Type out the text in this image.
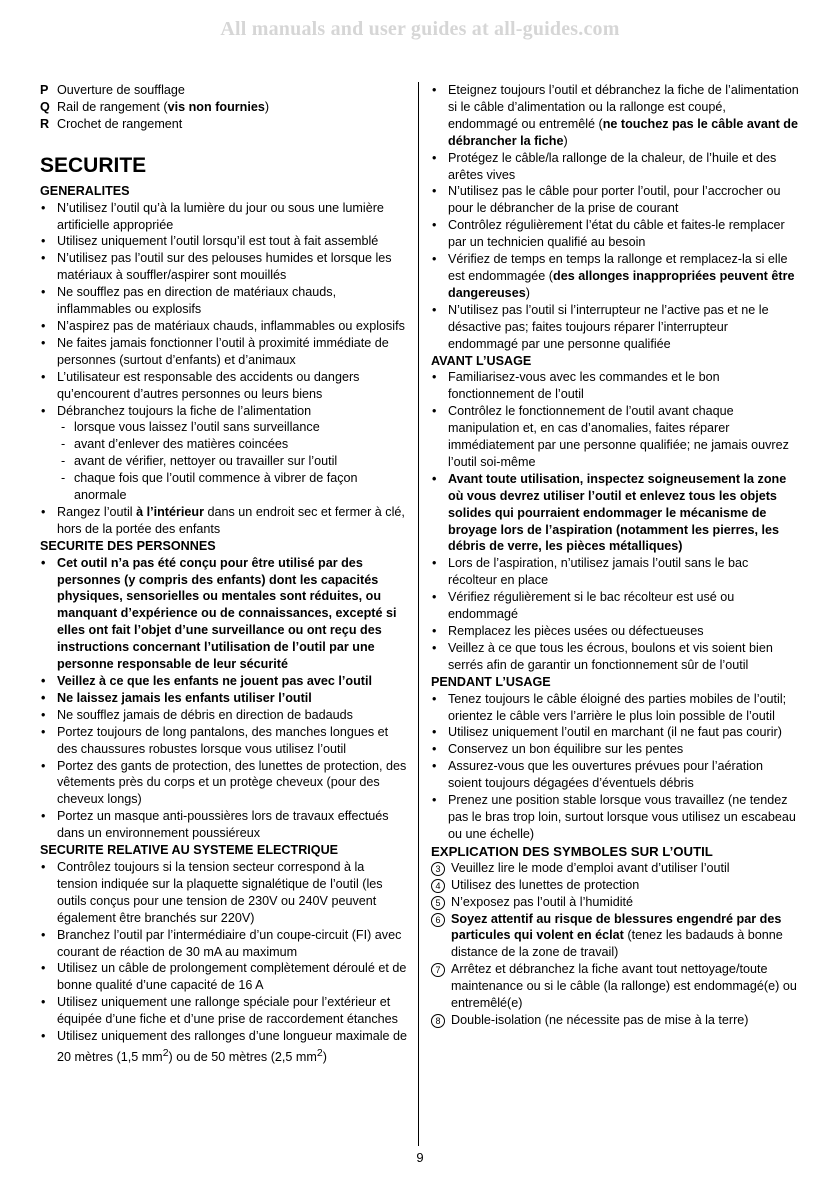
All manuals and user guides at all-guides.com

P Ouverture de soufflage

Q Rail de rangement (vis non fournies)

R Crochet de rangement

SECURITE
GENERALITES
• N’utilisez l’outil qu’à la lumière du jour ou sous une lumière artificielle appropriée
• Utilisez uniquement l’outil lorsqu’il est tout à fait assemblé
• N’utilisez pas l’outil sur des pelouses humides et lorsque les matériaux à souffler/aspirer sont mouillés
• Ne soufflez pas en direction de matériaux chauds, inflammables ou explosifs
• N’aspirez pas de matériaux chauds, inflammables ou explosifs
• Ne faites jamais fonctionner l’outil à proximité immédiate de personnes (surtout d’enfants) et d’animaux
• L’utilisateur est responsable des accidents ou dangers qu’encourent d’autres personnes ou leurs biens
• Débranchez toujours la fiche de l’alimentation
- lorsque vous laissez l’outil sans surveillance
- avant d’enlever des matières coincées
- avant de vérifier, nettoyer ou travailler sur l’outil
- chaque fois que l’outil commence à vibrer de façon anormale
• Rangez l’outil à l’intérieur dans un endroit sec et fermer à clé, hors de la portée des enfants
SECURITE DES PERSONNES
• Cet outil n’a pas été conçu pour être utilisé par des personnes (y compris des enfants) dont les capacités physiques, sensorielles ou mentales sont réduites, ou manquant d’expérience ou de connaissances, excepté si elles ont fait l’objet d’une surveillance ou ont reçu des instructions concernant l’utilisation de l’outil par une personne responsable de leur sécurité
• Veillez à ce que les enfants ne jouent pas avec l’outil
• Ne laissez jamais les enfants utiliser l’outil
• Ne soufflez jamais de débris en direction de badauds
• Portez toujours de long pantalons, des manches longues et des chaussures robustes lorsque vous utilisez l’outil
• Portez des gants de protection, des lunettes de protection, des vêtements près du corps et un protège cheveux (pour des cheveux longs)
• Portez un masque anti-poussières lors de travaux effectués dans un environnement poussiéreux
SECURITE RELATIVE AU SYSTEME ELECTRIQUE
• Contrôlez toujours si la tension secteur correspond à la tension indiquée sur la plaquette signalétique de l’outil (les outils conçus pour une tension de 230V ou 240V peuvent également être branchés sur 220V)
• Branchez l’outil par l’intermédiaire d’un coupe-circuit (FI) avec courant de réaction de 30 mA au maximum
• Utilisez un câble de prolongement complètement déroulé et de bonne qualité d’une capacité de 16 A
• Utilisez uniquement une rallonge spéciale pour l’extérieur et équipée d’une fiche et d’une prise de raccordement étanches
• Utilisez uniquement des rallonges d’une longueur maximale de 20 mètres (1,5 $mm^2$) ou de 50 mètres (2,5 $mm^2$)
• Eteignez toujours l’outil et débranchez la fiche de l’alimentation si le câble d’alimentation ou la rallonge est coupé, endommagé ou entremêlé (ne touchez pas le câble avant de débrancher la fiche)
• Protégez le câble/la rallonge de la chaleur, de l’huile et des arêtes vives
• N’utilisez pas le câble pour porter l’outil, pour l’accrocher ou pour le débrancher de la prise de courant
• Contrôlez régulièrement l’état du câble et faites-le remplacer par un technicien qualifié au besoin
• Vérifiez de temps en temps la rallonge et remplacez-la si elle est endommagée (des allonges inappropriées peuvent être dangereuses)
• N’utilisez pas l’outil si l’interrupteur ne l’active pas et ne le désactive pas; faites toujours réparer l’interrupteur endommagé par une personne qualifiée
AVANT L’USAGE
• Familiarisez-vous avec les commandes et le bon fonctionnement de l’outil
• Contrôlez le fonctionnement de l’outil avant chaque manipulation et, en cas d’anomalies, faites réparer immédiatement par une personne qualifiée; ne jamais ouvrez l’outil soi-même
• Avant toute utilisation, inspectez soigneusement la zone où vous devrez utiliser l’outil et enlevez tous les objets solides qui pourraient endommager le mécanisme de broyage lors de l’aspiration (notamment les pierres, les débris de verre, les pièces métalliques)
• Lors de l’aspiration, n’utilisez jamais l’outil sans le bac récolteur en place
• Vérifiez régulièrement si le bac récolteur est usé ou endommagé
• Remplacez les pièces usées ou défectueuses
• Veillez à ce que tous les écrous, boulons et vis soient bien serrés afin de garantir un fonctionnement sûr de l’outil
PENDANT L’USAGE
• Tenez toujours le câble éloigné des parties mobiles de l’outil; orientez le câble vers l’arrière le plus loin possible de l’outil
• Utilisez uniquement l’outil en marchant (il ne faut pas courir)
• Conservez un bon équilibre sur les pentes
• Assurez-vous que les ouvertures prévues pour l’aération soient toujours dégagées d’éventuels débris
• Prenez une position stable lorsque vous travaillez (ne tendez pas le bras trop loin, surtout lorsque vous utilisez un escabeau ou une échelle)
EXPLICATION DES SYMBOLES SUR L’OUTIL
3 Veuillez lire le mode d’emploi avant d’utiliser l’outil
4 Utilisez des lunettes de protection
5 N’exposez pas l’outil à l’humidité
6 Soyez attentif au risque de blessures engendré par des particules qui volent en éclat (tenez les badauds à bonne distance de la zone de travail)
7 Arrêtez et débranchez la fiche avant tout nettoyage/toute maintenance ou si le câble (la rallonge) est endommagé(e) ou entremêlé(e)
8 Double-isolation (ne nécessite pas de mise à la terre)
9
